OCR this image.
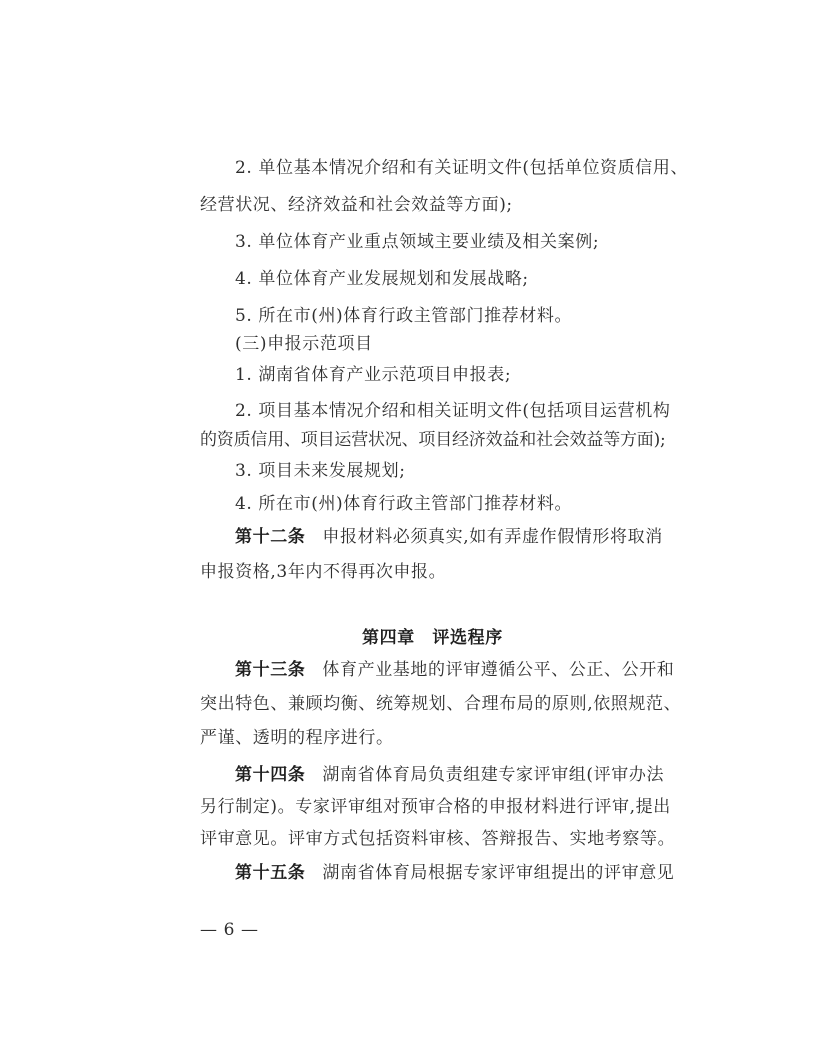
2. 单位基本情况介绍和有关证明文件(包括单位资质信用、
经营状况、经济效益和社会效益等方面);
3. 单位体育产业重点领域主要业绩及相关案例;
4. 单位体育产业发展规划和发展战略;
5. 所在市(州)体育行政主管部门推荐材料。
(三)申报示范项目
1. 湖南省体育产业示范项目申报表;
2. 项目基本情况介绍和相关证明文件(包括项目运营机构
的资质信用、项目运营状况、项目经济效益和社会效益等方面);
3. 项目未来发展规划;
4. 所在市(州)体育行政主管部门推荐材料。
第十二条 申报材料必须真实,如有弄虚作假情形将取消
申报资格,3年内不得再次申报。
第四章　评选程序
第十三条 体育产业基地的评审遵循公平、公正、公开和
突出特色、兼顾均衡、统筹规划、合理布局的原则,依照规范、
严谨、透明的程序进行。
第十四条 湖南省体育局负责组建专家评审组(评审办法
另行制定)。专家评审组对预审合格的申报材料进行评审,提出
评审意见。评审方式包括资料审核、答辩报告、实地考察等。
第十五条 湖南省体育局根据专家评审组提出的评审意见
— 6 —
